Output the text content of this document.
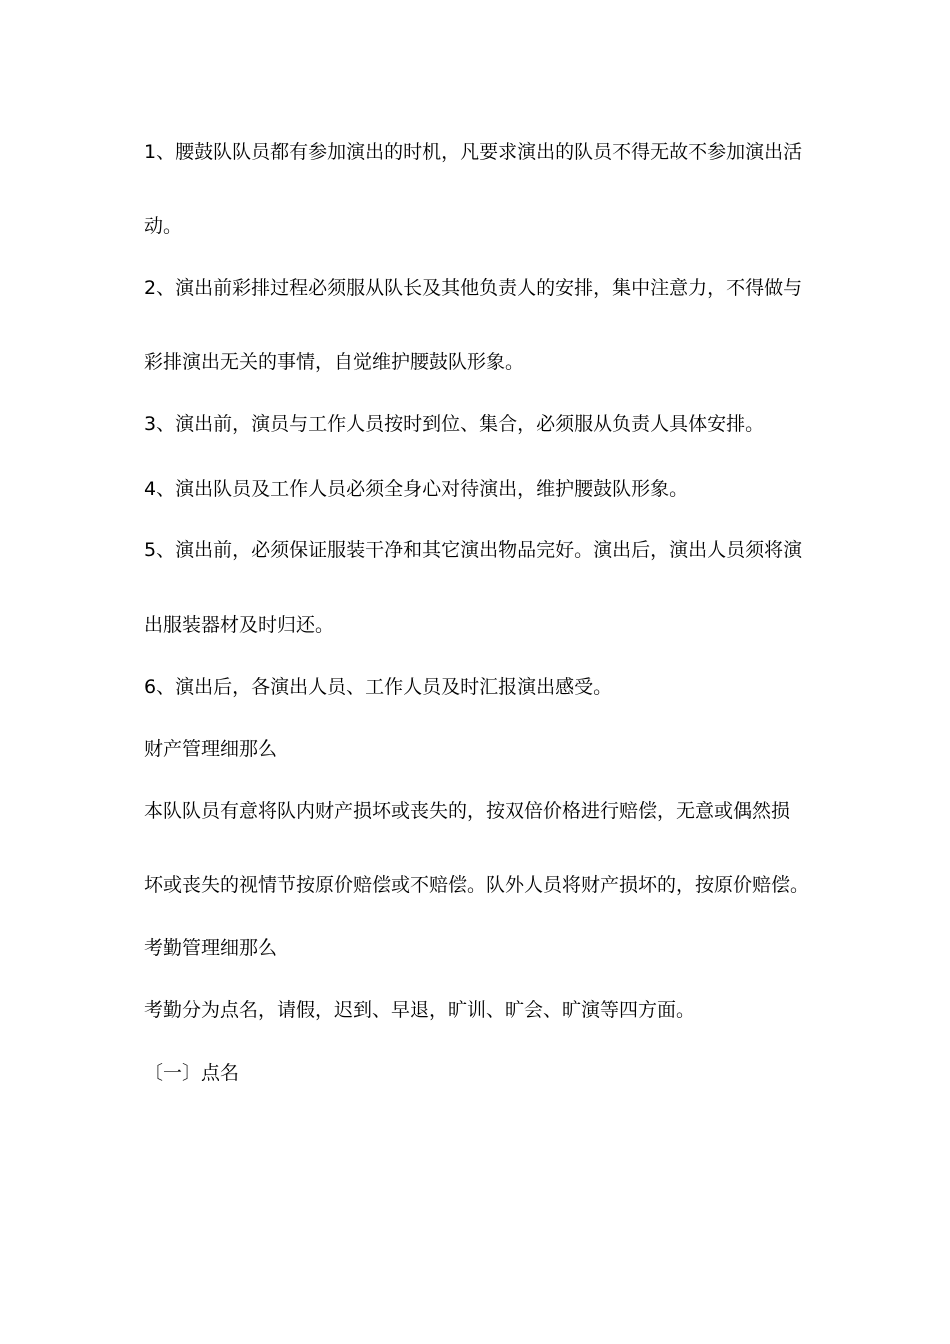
1、腰鼓队队员都有参加演出的时机，凡要求演出的队员不得无故不参加演出活
动。
2、演出前彩排过程必须服从队长及其他负责人的安排，集中注意力，不得做与
彩排演出无关的事情，自觉维护腰鼓队形象。
3、演出前，演员与工作人员按时到位、集合，必须服从负责人具体安排。
4、演出队员及工作人员必须全身心对待演出，维护腰鼓队形象。
5、演出前，必须保证服装干净和其它演出物品完好。演出后，演出人员须将演
出服装器材及时归还。
6、演出后，各演出人员、工作人员及时汇报演出感受。
财产管理细那么
本队队员有意将队内财产损坏或丧失的，按双倍价格进行赔偿，无意或偶然损
坏或丧失的视情节按原价赔偿或不赔偿。队外人员将财产损坏的，按原价赔偿。
考勤管理细那么
考勤分为点名，请假，迟到、早退，旷训、旷会、旷演等四方面。
〔一〕点名
